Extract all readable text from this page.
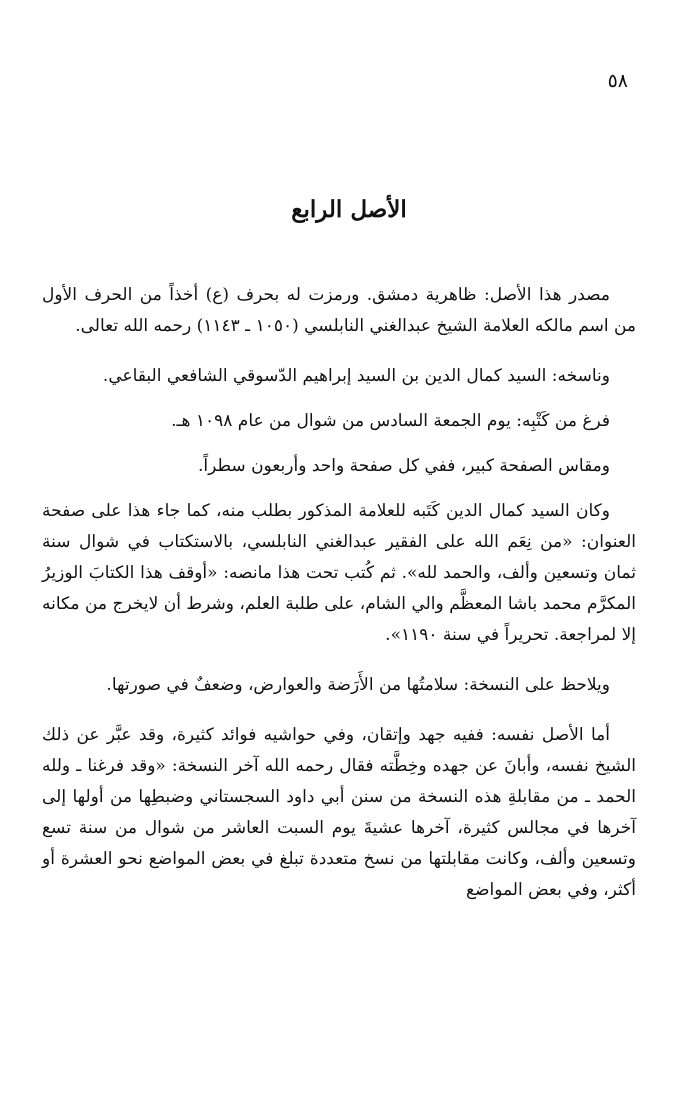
٥٨
الأصل الرابع

مصدر هذا الأصل: ظاهرية دمشق. ورمزت له بحرف (ع) أخذاً من الحرف الأول من اسم مالكه العلامة الشيخ عبدالغني النابلسي (١٠٥٠ ـ ١١٤٣) رحمه الله تعالى.

وناسخه: السيد كمال الدين بن السيد إبراهيم الدّسوقي الشافعي البقاعي.

فرغ من كَتْبِه: يوم الجمعة السادس من شوال من عام ١٠٩٨ هـ.

ومقاس الصفحة كبير، ففي كل صفحة واحد وأربعون سطراً.

وكان السيد كمال الدين كَتَبه للعلامة المذكور بطلب منه، كما جاء هذا على صفحة العنوان: «من نِعَم الله على الفقير عبدالغني النابلسي، بالاستكتاب في شوال سنة ثمان وتسعين وألف، والحمد لله». ثم كُتب تحت هذا مانصه: «أوقف هذا الكتابَ الوزيرُ المكرَّم محمد باشا المعظَّم والي الشام، على طلبة العلم، وشرط أن لايخرج من مكانه إلا لمراجعة. تحريراً في سنة ١١٩٠».

ويلاحظ على النسخة: سلامتُها من الأَرَضة والعوارض، وضعفٌ في صورتها.

أما الأصل نفسه: ففيه جهد وإتقان، وفي حواشيه فوائد كثيرة، وقد عبَّر عن ذلك الشيخ نفسه، وأبانَ عن جهده وخِطَّته فقال رحمه الله آخر النسخة: «وقد فرغنا ـ ولله الحمد ـ من مقابلةِ هذه النسخة من سنن أبي داود السجستاني وضبطِها من أولها إلى آخرها في مجالس كثيرة، آخرها عشيةَ يوم السبت العاشر من شوال من سنة تسع وتسعين وألف، وكانت مقابلتها من نسخ متعددة تبلغ في بعض المواضع نحو العشرة أو أكثر، وفي بعض المواضع
